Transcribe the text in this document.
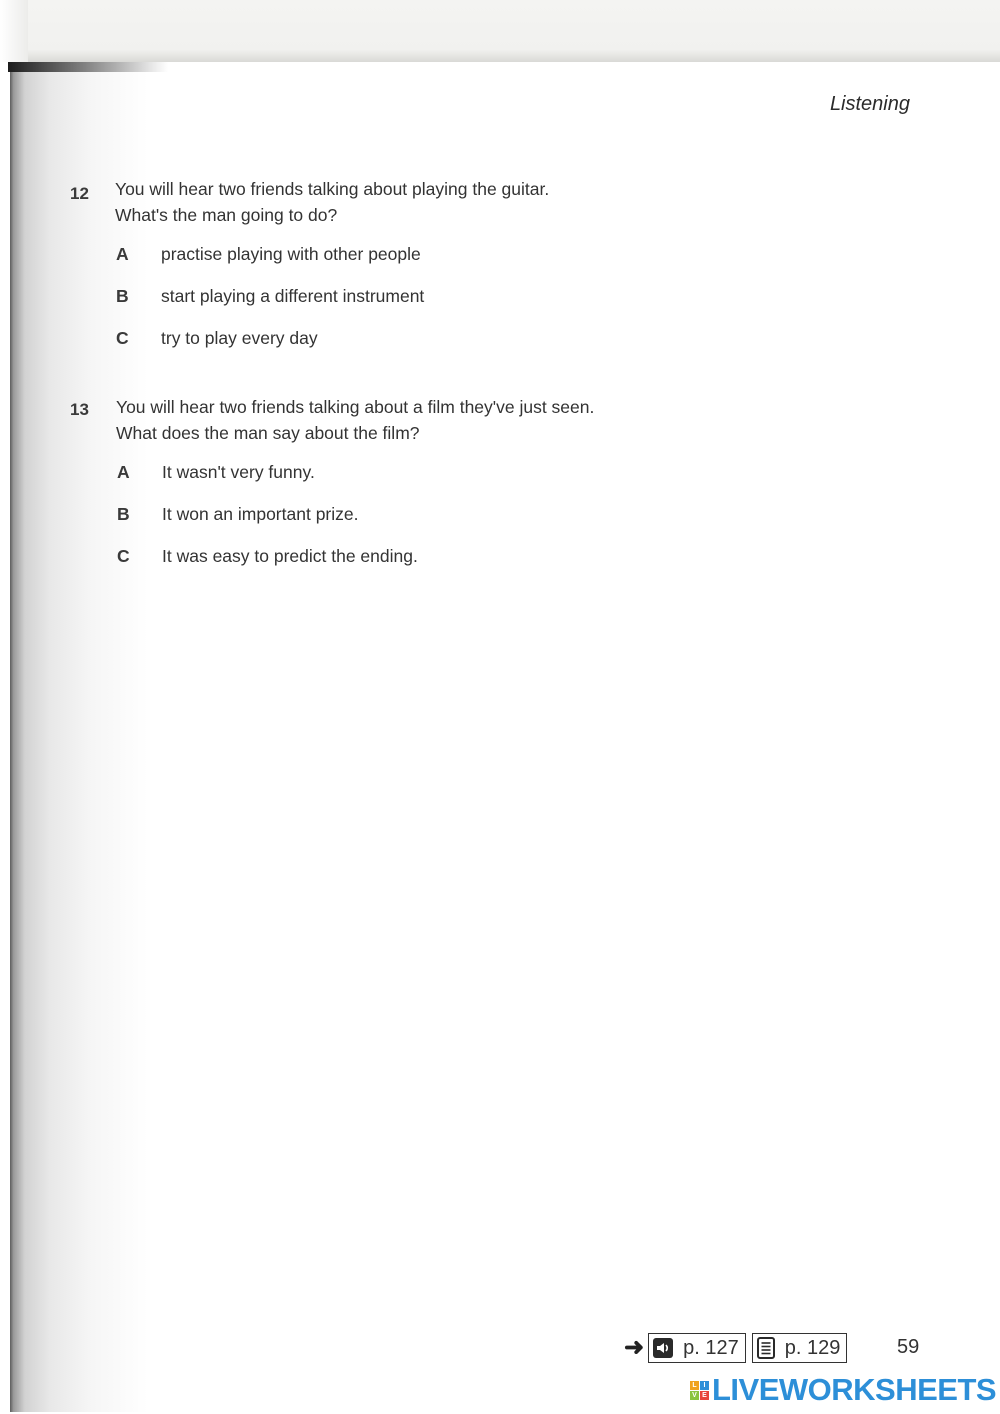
Listening
12 You will hear two friends talking about playing the guitar.
What's the man going to do?
A practise playing with other people
B start playing a different instrument
C try to play every day
13 You will hear two friends talking about a film they've just seen.
What does the man say about the film?
A It wasn't very funny.
B It won an important prize.
C It was easy to predict the ending.
➜ p. 127 p. 129	59
L I
V E LIVEWORKSHEETS
